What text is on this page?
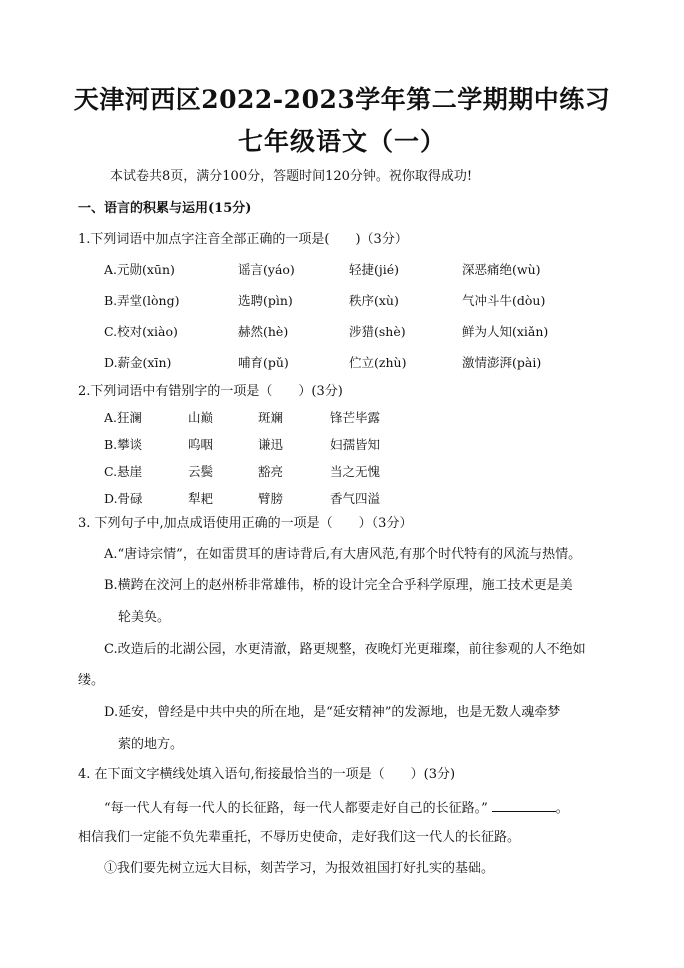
天津河西区2022-2023学年第二学期期中练习
七年级语文（一）
本试卷共8页，满分100分，答题时间120分钟。祝你取得成功!
一、语言的积累与运用(15分)
1.下列词语中加点字注音全部正确的一项是(　　)（3分）
A.元勋(xūn)	谣言(yáo)	轻捷(jié)	深恶痛绝(wù)
B.弄堂(lòng)	选聘(pìn)	秩序(xù)	气冲斗牛(dòu)
C.校对(xiào)	赫然(hè)	涉猎(shè)	鲜为人知(xiǎn)
D.薪金(xīn)	哺育(pǔ)	伫立(zhù)	激情澎湃(pài)
2.下列词语中有错别字的一项是（　　）(3分)
A.狂澜	山巅	斑斓	锋芒毕露
B.攀谈	呜咽	谦迅	妇孺皆知
C.悬崖	云鬓	豁亮	当之无愧
D.骨碌	犁耙	臂膀	香气四溢
3. 下列句子中,加点成语使用正确的一项是（　　）（3分）
A.“唐诗宗情”，在如雷贯耳的唐诗背后,有大唐风范,有那个时代特有的风流与热情。
B.横跨在洨河上的赵州桥非常雄伟，桥的设计完全合乎科学原理，施工技术更是美
轮美奂。
C.改造后的北湖公园，水更清澈，路更规整，夜晚灯光更璀璨，前往参观的人不绝如
缕。
D.延安，曾经是中共中央的所在地，是“延安精神”的发源地，也是无数人魂牵梦
萦的地方。
4. 在下面文字横线处填入语句,衔接最恰当的一项是（　　）(3分)
“每一代人有每一代人的长征路，每一代人都要走好自己的长征路。”	。
相信我们一定能不负先辈重托，不辱历史使命，走好我们这一代人的长征路。
①我们要先树立远大目标，刻苦学习，为报效祖国打好扎实的基础。
